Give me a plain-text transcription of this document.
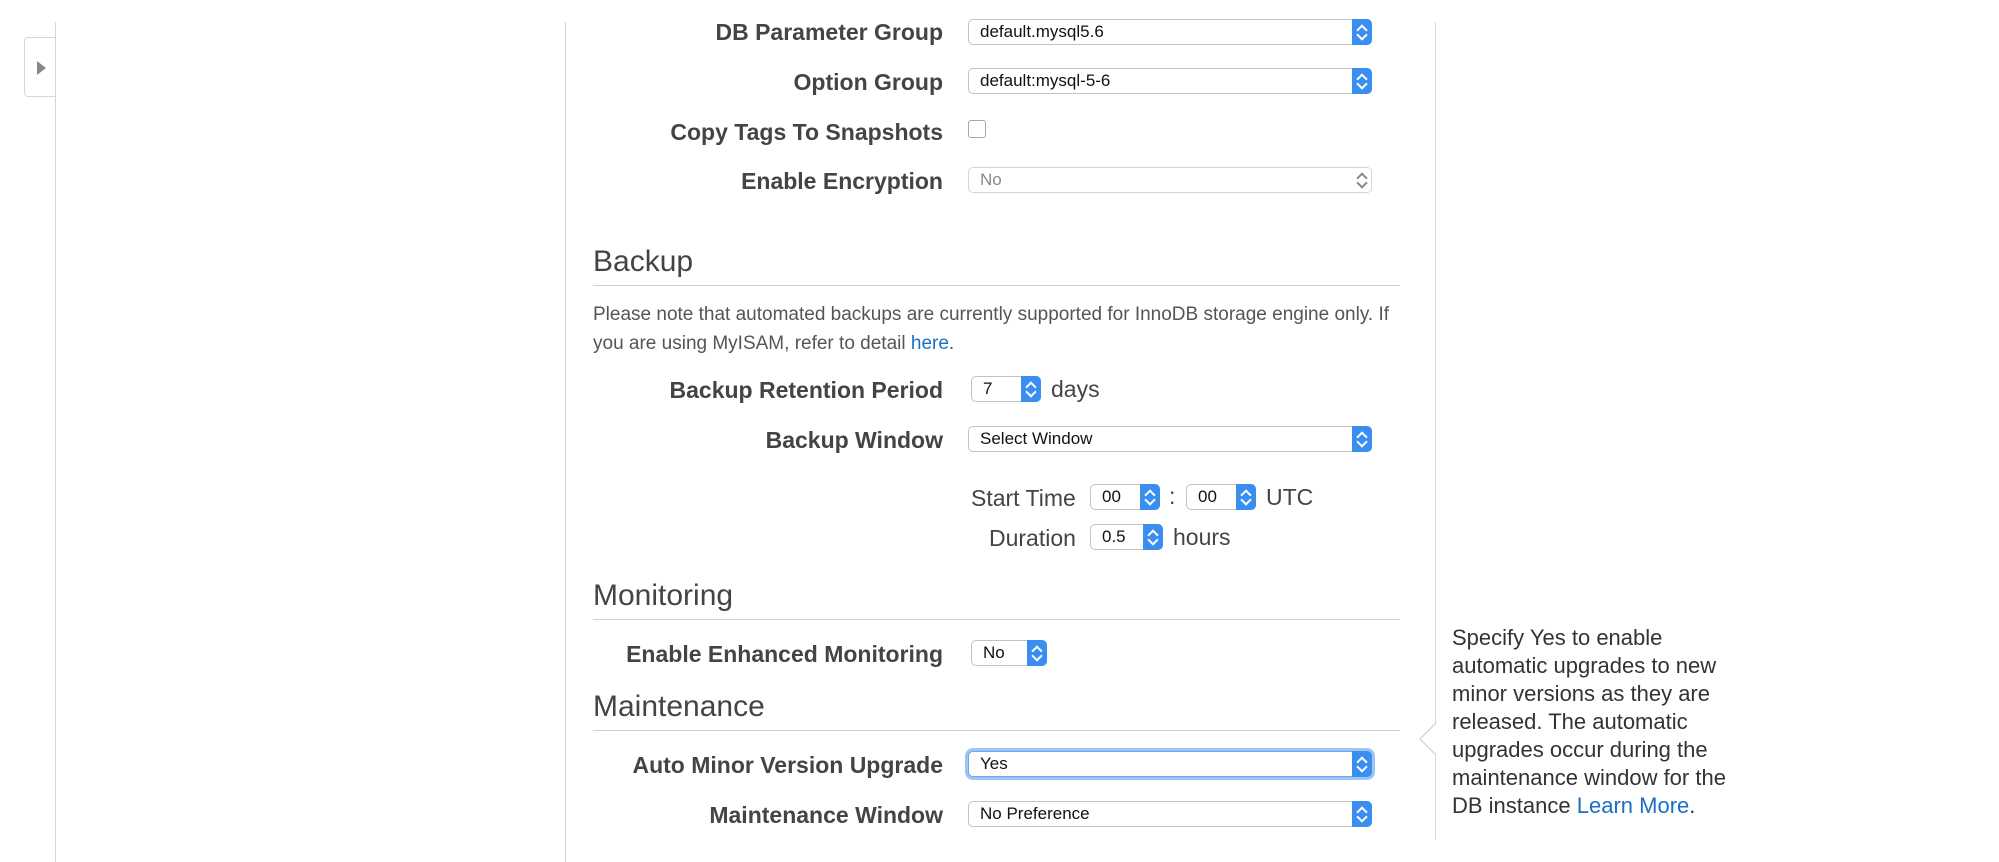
DB Parameter Group	default.mysql5.6
Option Group	default:mysql-5-6
Copy Tags To Snapshots
Enable Encryption	No
Backup
Please note that automated backups are currently supported for InnoDB storage engine only. If you are using MyISAM, refer to detail here.
Backup Retention Period	7	days
Backup Window	Select Window
Start Time	00	:	00	UTC
Duration	0.5	hours
Monitoring
Enable Enhanced Monitoring	No
Maintenance
Auto Minor Version Upgrade	Yes
Maintenance Window	No Preference
Specify Yes to enable automatic upgrades to new minor versions as they are released. The automatic upgrades occur during the maintenance window for the DB instance Learn More.
